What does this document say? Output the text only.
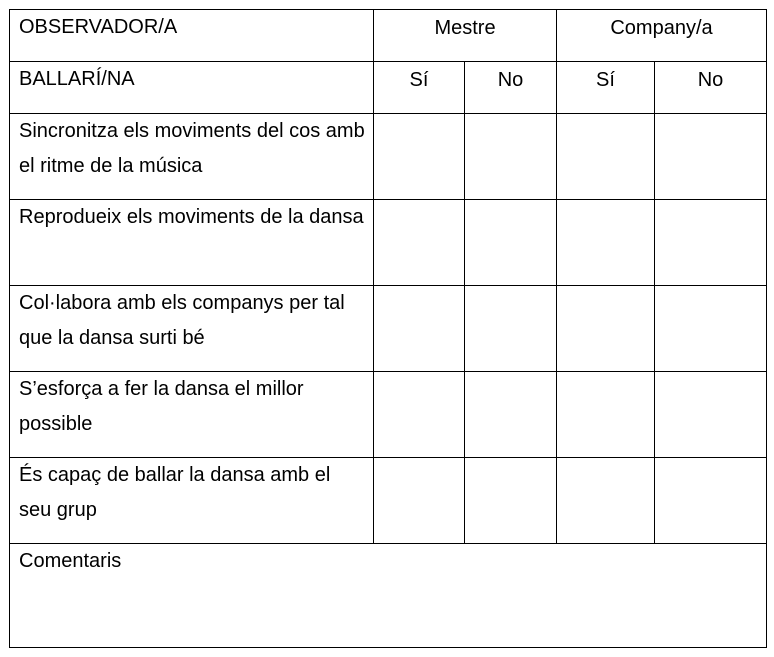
OBSERVADOR/A	Mestre		Company/a	
BALLARÍ/NA	Sí	No	Sí	No
Sincronitza els moviments del cos amb el ritme de la música				
Reprodueix els moviments de la dansa				
Col·labora amb els companys per tal que la dansa surti bé				
S’esforça a fer la dansa el millor possible				
És capaç de ballar la dansa amb el seu grup				

Comentaris				
